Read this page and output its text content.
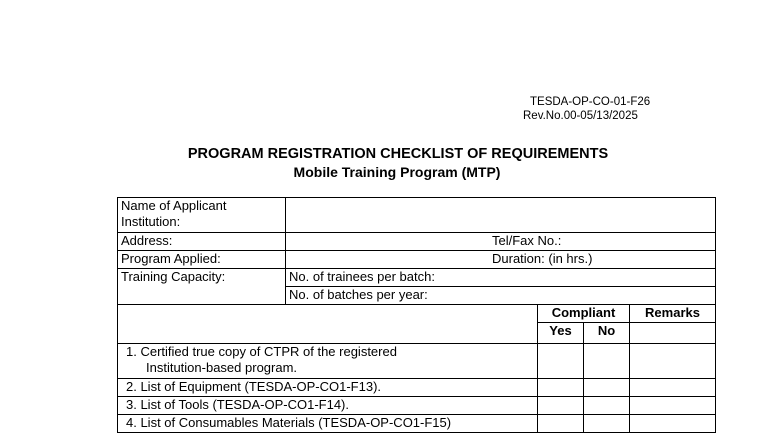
TESDA-OP-CO-01-F26
Rev.No.00-05/13/2025
PROGRAM REGISTRATION CHECKLIST OF REQUIREMENTS
Mobile Training Program (MTP)
Name of Applicant Institution:				
Address:	Tel/Fax No.:			
Program Applied:	Duration: (in hrs.)			
Training Capacity:	No. of trainees per batch:			
	No. of batches per year:			
		Compliant		Remarks
		Yes	No	
1. Certified true copy of CTPR of the registered
Institution-based program.				

2. List of Equipment (TESDA-OP-CO1-F13).				
3. List of Tools (TESDA-OP-CO1-F14).				
4. List of Consumables Materials (TESDA-OP-CO1-F15)				
